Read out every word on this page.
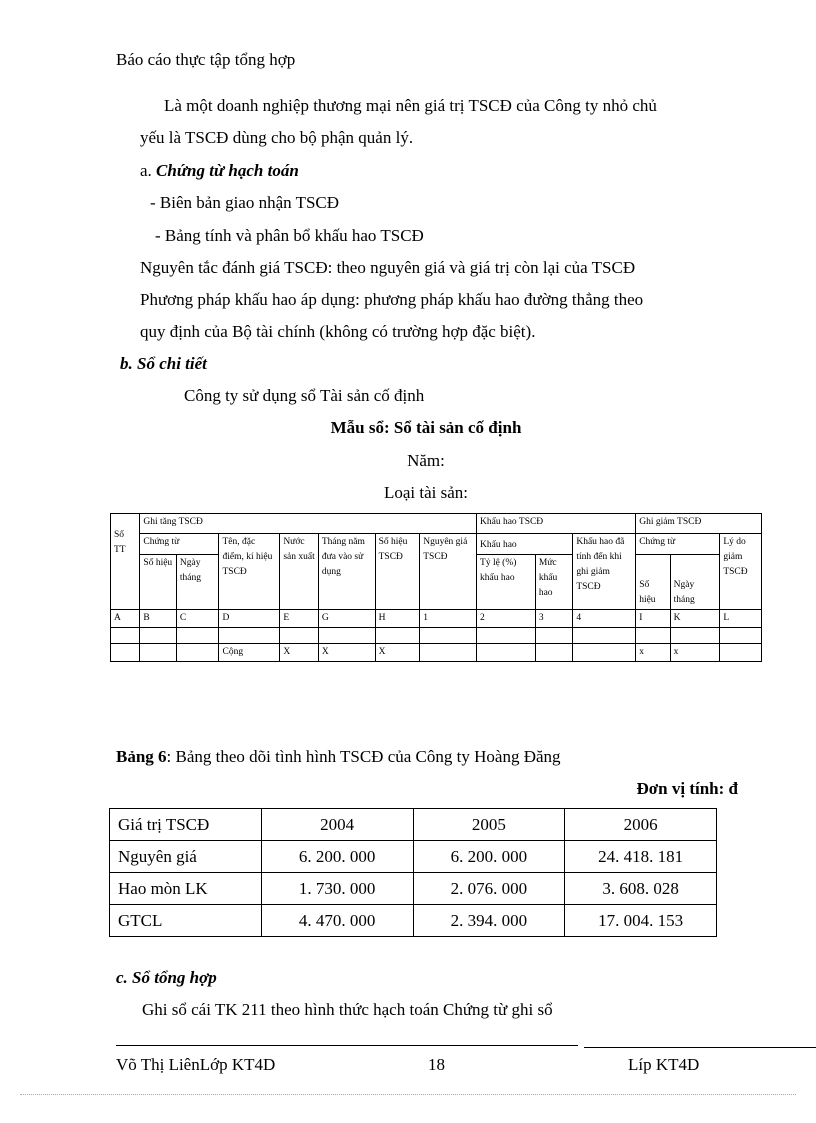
Báo cáo thực tập tổng hợp
Là một doanh nghiệp thương mại nên giá trị TSCĐ của Công ty nhỏ chủ
yếu là TSCĐ dùng cho bộ phận quản lý.
a. Chứng từ hạch toán
- Biên bản giao nhận TSCĐ
- Bảng tính và phân bổ khấu hao TSCĐ
Nguyên tắc đánh giá TSCĐ: theo nguyên giá và giá trị còn lại của TSCĐ
Phương pháp khấu hao áp dụng: phương pháp khấu hao đường thẳng theo
quy định của Bộ tài chính (không có trường hợp đặc biệt).
b. Sổ chi tiết
Công ty sử dụng sổ Tài sản cố định
Mẫu sổ: Sổ tài sản cố định
Năm:
Loại tài sản:
Số TT	Ghi tăng TSCĐ							Khấu hao TSCĐ			Ghi giảm TSCĐ		
	Chứng từ		Tên, đặc điểm, kí hiệu TSCĐ	Nước sản xuất	Tháng năm đưa vào sử dụng	Số hiệu TSCĐ	Nguyên giá TSCĐ	Khấu hao		Khấu hao đã tính đến khi ghi giảm TSCĐ	Chứng từ		Lý do giảm TSCĐ
	Số hiệu	Ngày tháng						Tỷ lệ (%) khấu hao	Mức khấu hao		Số hiệu	Ngày tháng	
A	B	C	D	E	G	H	1	2	3	4	I	K	L

			Cộng	X	X	X					x	x	
Bảng 6: Bảng theo dõi tình hình TSCĐ của Công ty Hoàng Đăng
Đơn vị tính: đ
Giá trị TSCĐ	2004	2005	2006
Nguyên giá	6. 200. 000	6. 200. 000	24. 418. 181
Hao mòn LK	1. 730. 000	2. 076. 000	3. 608. 028
GTCL	4. 470. 000	2. 394. 000	17. 004. 153
c. Sổ tổng hợp
Ghi sổ cái TK 211 theo hình thức hạch toán Chứng từ ghi sổ
Võ Thị LiênLớp KT4D	18	Líp KT4D
